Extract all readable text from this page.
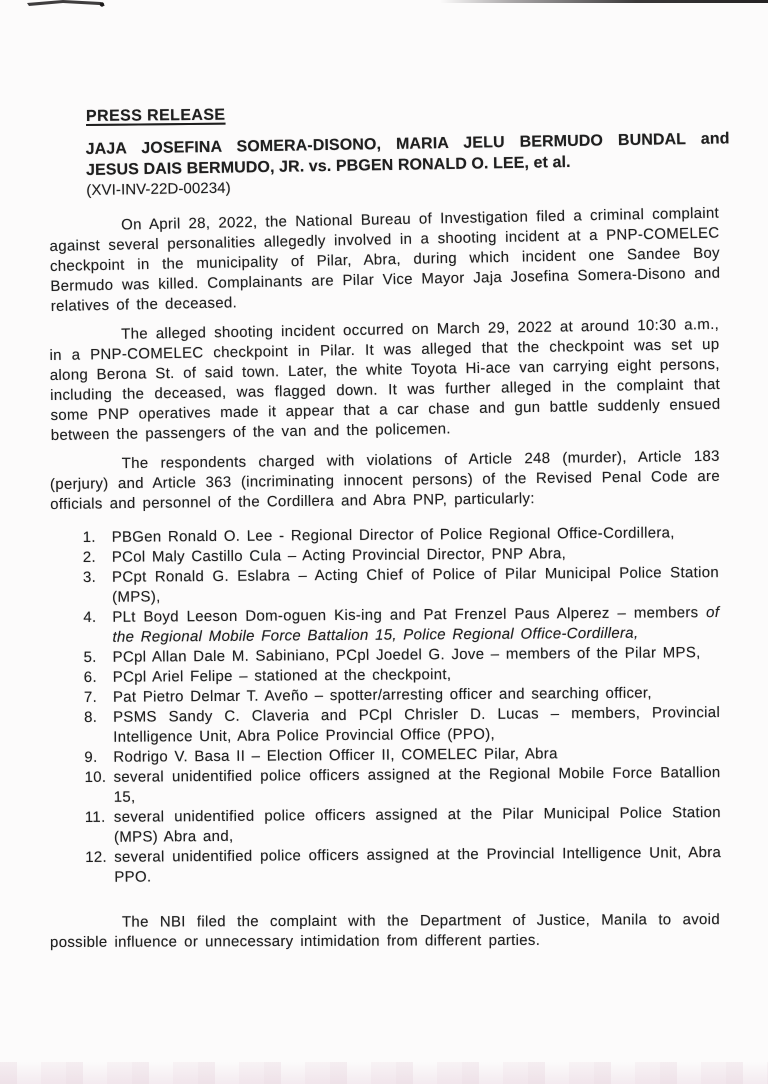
PRESS RELEASE
JAJA JOSEFINA SOMERA-DISONO, MARIA JELU BERMUDO BUNDAL and
JESUS DAIS BERMUDO, JR. vs. PBGEN RONALD O. LEE, et al.
(XVI-INV-22D-00234)

On April 28, 2022, the National Bureau of Investigation filed a criminal complaint against several personalities allegedly involved in a shooting incident at a PNP-COMELEC checkpoint in the municipality of Pilar, Abra, during which incident one Sandee Boy Bermudo was killed. Complainants are Pilar Vice Mayor Jaja Josefina Somera-Disono and relatives of the deceased.

The alleged shooting incident occurred on March 29, 2022 at around 10:30 a.m., in a PNP-COMELEC checkpoint in Pilar. It was alleged that the checkpoint was set up along Berona St. of said town. Later, the white Toyota Hi-ace van carrying eight persons, including the deceased, was flagged down. It was further alleged in the complaint that some PNP operatives made it appear that a car chase and gun battle suddenly ensued between the passengers of the van and the policemen.

The respondents charged with violations of Article 248 (murder), Article 183 (perjury) and Article 363 (incriminating innocent persons) of the Revised Penal Code are officials and personnel of the Cordillera and Abra PNP, particularly:

1.	PBGen Ronald O. Lee - Regional Director of Police Regional Office-Cordillera,
2.	PCol Maly Castillo Cula – Acting Provincial Director, PNP Abra,
3.	PCpt Ronald G. Eslabra – Acting Chief of Police of Pilar Municipal Police Station (MPS),
4.	PLt Boyd Leeson Dom-oguen Kis-ing and Pat Frenzel Paus Alperez – members of the Regional Mobile Force Battalion 15, Police Regional Office-Cordillera,
5.	PCpl Allan Dale M. Sabiniano, PCpl Joedel G. Jove – members of the Pilar MPS,
6.	PCpl Ariel Felipe – stationed at the checkpoint,
7.	Pat Pietro Delmar T. Aveño – spotter/arresting officer and searching officer,
8.	PSMS Sandy C. Claveria and PCpl Chrisler D. Lucas – members, Provincial Intelligence Unit, Abra Police Provincial Office (PPO),
9.	Rodrigo V. Basa II – Election Officer II, COMELEC Pilar, Abra
10. several unidentified police officers assigned at the Regional Mobile Force Batallion 15,
11. several unidentified police officers assigned at the Pilar Municipal Police Station (MPS) Abra and,
12. several unidentified police officers assigned at the Provincial Intelligence Unit, Abra PPO.

The NBI filed the complaint with the Department of Justice, Manila to avoid possible influence or unnecessary intimidation from different parties.
